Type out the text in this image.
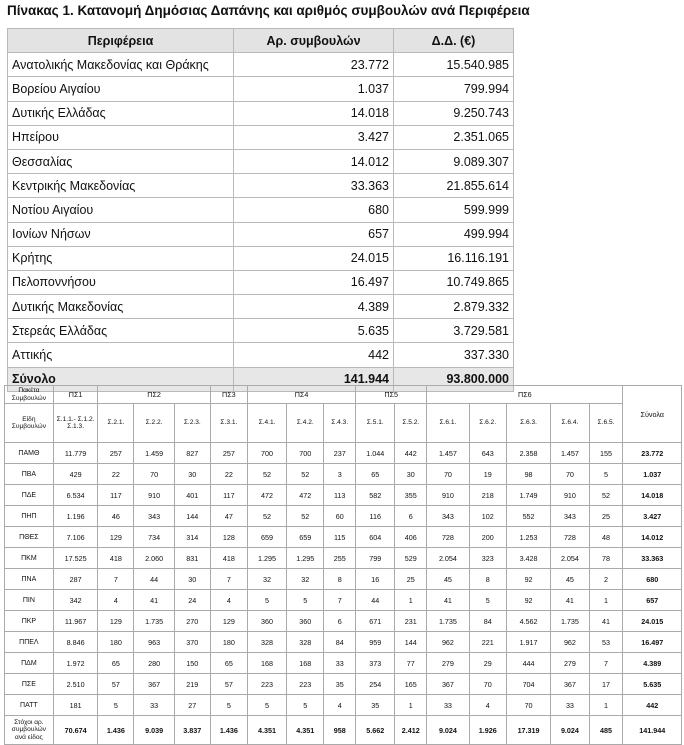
Πίνακας 1. Κατανομή Δημόσιας Δαπάνης και αριθμός συμβουλών ανά Περιφέρεια
Περιφέρεια	Αρ. συμβουλών	Δ.Δ. (€)
Ανατολικής Μακεδονίας και Θράκης	23.772	15.540.985
Βορείου Αιγαίου	1.037	799.994
Δυτικής Ελλάδας	14.018	9.250.743
Ηπείρου	3.427	2.351.065
Θεσσαλίας	14.012	9.089.307
Κεντρικής Μακεδονίας	33.363	21.855.614
Νοτίου Αιγαίου	680	599.999
Ιονίων Νήσων	657	499.994
Κρήτης	24.015	16.116.191
Πελοποννήσου	16.497	10.749.865
Δυτικής Μακεδονίας	4.389	2.879.332
Στερεάς Ελλάδας	5.635	3.729.581
Αττικής	442	337.330
Σύνολο	141.944	93.800.000
Πακέτα Συμβουλών	ΠΣ1	ΠΣ2			ΠΣ3	ΠΣ4			ΠΣ5		ΠΣ6					Σύνολα
Είδη Συμβουλών	Σ.1.1.- Σ.1.2. Σ.1.3.	Σ.2.1.	Σ.2.2.	Σ.2.3.	Σ.3.1.	Σ.4.1.	Σ.4.2.	Σ.4.3.	Σ.5.1.	Σ.5.2.	Σ.6.1.	Σ.6.2.	Σ.6.3.	Σ.6.4.	Σ.6.5.	
ΠΑΜΘ	11.779	257	1.459	827	257	700	700	237	1.044	442	1.457	643	2.358	1.457	155	23.772
ΠΒΑ	429	22	70	30	22	52	52	3	65	30	70	19	98	70	5	1.037
ΠΔΕ	6.534	117	910	401	117	472	472	113	582	355	910	218	1.749	910	52	14.018
ΠΗΠ	1.196	46	343	144	47	52	52	60	116	6	343	102	552	343	25	3.427
ΠΘΕΣ	7.106	129	734	314	128	659	659	115	604	406	728	200	1.253	728	48	14.012
ΠΚΜ	17.525	418	2.060	831	418	1.295	1.295	255	799	529	2.054	323	3.428	2.054	78	33.363
ΠΝΑ	287	7	44	30	7	32	32	8	16	25	45	8	92	45	2	680
ΠΙΝ	342	4	41	24	4	5	5	7	44	1	41	5	92	41	1	657
ΠΚΡ	11.967	129	1.735	270	129	360	360	6	671	231	1.735	84	4.562	1.735	41	24.015
ΠΠΕΛ	8.846	180	963	370	180	328	328	84	959	144	962	221	1.917	962	53	16.497
ΠΔΜ	1.972	65	280	150	65	168	168	33	373	77	279	29	444	279	7	4.389
ΠΣΕ	2.510	57	367	219	57	223	223	35	254	165	367	70	704	367	17	5.635
ΠΑΤΤ	181	5	33	27	5	5	5	4	35	1	33	4	70	33	1	442
Στόχοι αρ. συμβουλών ανά είδος	70.674	1.436	9.039	3.837	1.436	4.351	4.351	958	5.662	2.412	9.024	1.926	17.319	9.024	485	141.944
